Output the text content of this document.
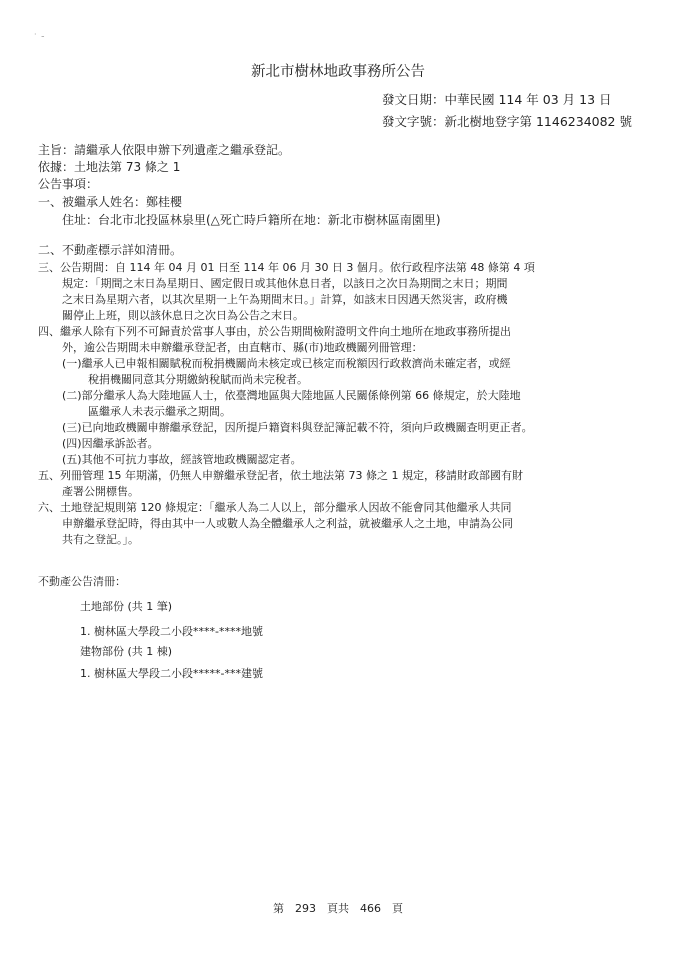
·  ـ
新北市樹林地政事務所公告
發文日期：中華民國 114 年 03 月 13 日
發文字號：新北樹地登字第 1146234082 號
主旨：請繼承人依限申辦下列遺產之繼承登記。
依據：土地法第 73 條之 1
公告事項：
一、被繼承人姓名：鄭桂櫻
住址：台北市北投區林泉里(△死亡時戶籍所在地：新北市樹林區南園里)
二、不動產標示詳如清冊。
三、公告期間：自 114 年 04 月 01 日至 114 年 06 月 30 日 3 個月。依行政程序法第 48 條第 4 項
規定：「期間之末日為星期日、國定假日或其他休息日者，以該日之次日為期間之末日；期間
之末日為星期六者，以其次星期一上午為期間末日。」計算，如該末日因遇天然災害，政府機
關停止上班，則以該休息日之次日為公告之末日。
四、繼承人除有下列不可歸責於當事人事由，於公告期間檢附證明文件向土地所在地政事務所提出
外，逾公告期間未申辦繼承登記者，由直轄市、縣(市)地政機關列冊管理：
(一)繼承人已申報相關賦稅而稅捐機關尚未核定或已核定而稅額因行政救濟尚未確定者，或經
稅捐機關同意其分期繳納稅賦而尚未完稅者。
(二)部分繼承人為大陸地區人士，依臺灣地區與大陸地區人民關係條例第 66 條規定，於大陸地
區繼承人未表示繼承之期間。
(三)已向地政機關申辦繼承登記，因所提戶籍資料與登記簿記載不符，須向戶政機關查明更正者。
(四)因繼承訴訟者。
(五)其他不可抗力事故，經該管地政機關認定者。
五、列冊管理 15 年期滿，仍無人申辦繼承登記者，依土地法第 73 條之 1 規定，移請財政部國有財
產署公開標售。
六、土地登記規則第 120 條規定：「繼承人為二人以上，部分繼承人因故不能會同其他繼承人共同
申辦繼承登記時，得由其中一人或數人為全體繼承人之利益，就被繼承人之土地，申請為公同
共有之登記。」。
不動產公告清冊：
土地部份 (共 1 筆)
1. 樹林區大學段二小段****-****地號
建物部份 (共 1 棟)
1. 樹林區大學段二小段*****-***建號
第　293　頁共　466　頁
